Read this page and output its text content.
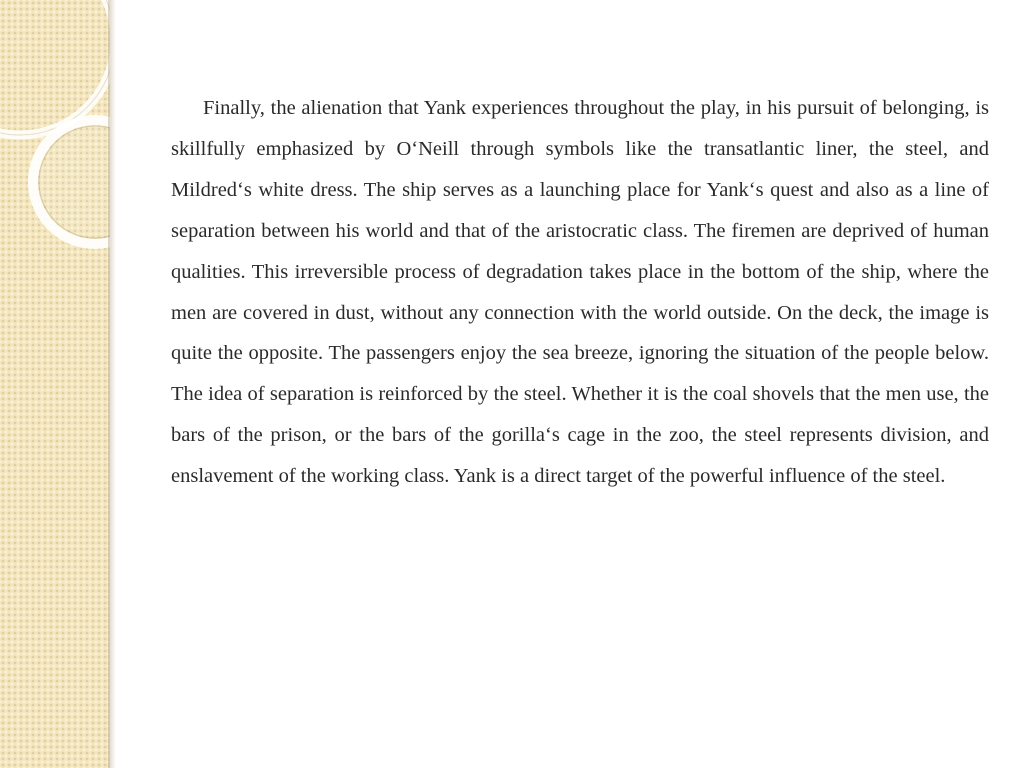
Finally, the alienation that Yank experiences throughout the play, in his pursuit of belonging, is skillfully emphasized by O‘Neill through symbols like the transatlantic liner, the steel, and Mildred‘s white dress. The ship serves as a launching place for Yank‘s quest and also as a line of separation between his world and that of the aristocratic class. The firemen are deprived of human qualities. This irreversible process of degradation takes place in the bottom of the ship, where the men are covered in dust, without any connection with the world outside. On the deck, the image is quite the opposite. The passengers enjoy the sea breeze, ignoring the situation of the people below. The idea of separation is reinforced by the steel. Whether it is the coal shovels that the men use, the bars of the prison, or the bars of the gorilla‘s cage in the zoo, the steel represents division, and enslavement of the working class. Yank is a direct target of the powerful influence of the steel.
